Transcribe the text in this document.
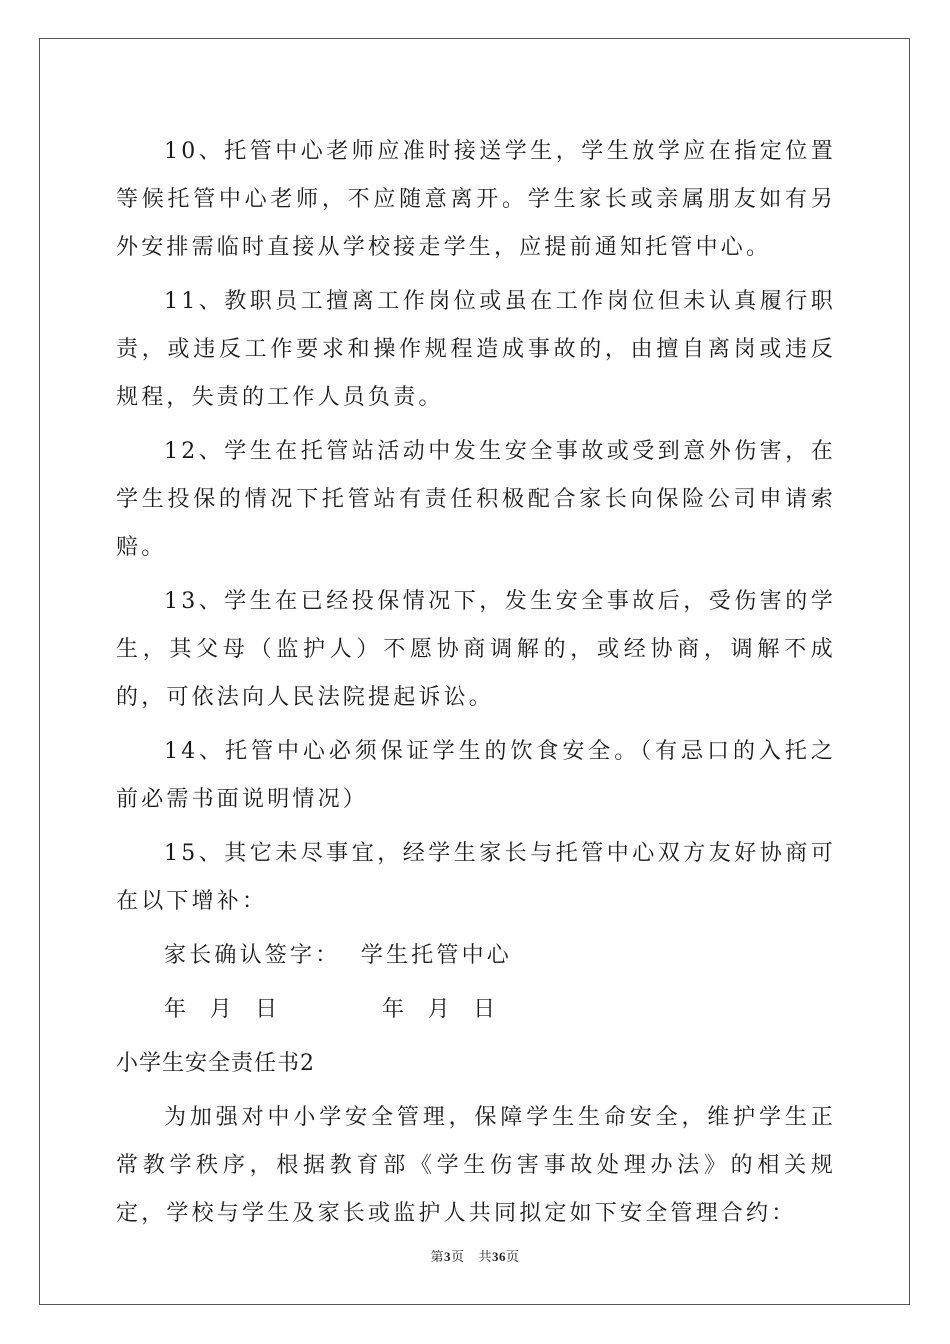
10、托管中心老师应准时接送学生，学生放学应在指定位置等候托管中心老师，不应随意离开。学生家长或亲属朋友如有另外安排需临时直接从学校接走学生，应提前通知托管中心。

11、教职员工擅离工作岗位或虽在工作岗位但未认真履行职责，或违反工作要求和操作规程造成事故的，由擅自离岗或违反规程，失责的工作人员负责。

12、学生在托管站活动中发生安全事故或受到意外伤害，在学生投保的情况下托管站有责任积极配合家长向保险公司申请索赔。

13、学生在已经投保情况下，发生安全事故后，受伤害的学生，其父母（监护人）不愿协商调解的，或经协商，调解不成的，可依法向人民法院提起诉讼。

14、托管中心必须保证学生的饮食安全。（有忌口的入托之前必需书面说明情况）

15、其它未尽事宜，经学生家长与托管中心双方友好协商可在以下增补：

家长确认签字：  学生托管中心

年  月  日	年  月  日

小学生安全责任书2

为加强对中小学安全管理，保障学生生命安全，维护学生正常教学秩序，根据教育部《学生伤害事故处理办法》的相关规定，学校与学生及家长或监护人共同拟定如下安全管理合约：

第3页   共36页
